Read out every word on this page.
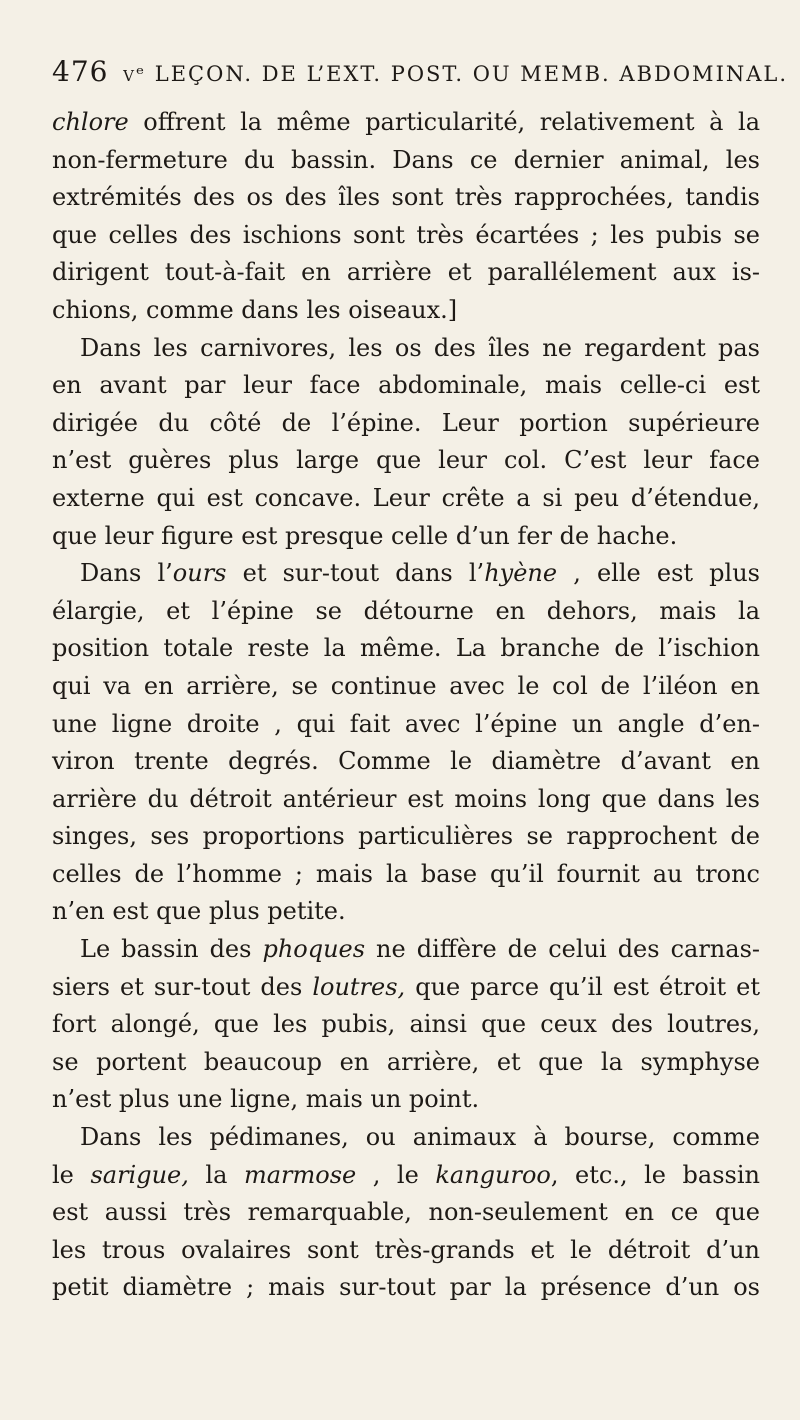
476 vᵉ LEÇON. DE L’EXT. POST. OU MEMB. ABDOMINAL.
chlore offrent la même particularité, relativement à la
non-fermeture du bassin. Dans ce dernier animal, les
extrémités des os des îles sont très rapprochées, tandis
que celles des ischions sont très écartées ; les pubis se
dirigent tout-à-fait en arrière et parallélement aux is-
chions, comme dans les oiseaux.]
Dans les carnivores, les os des îles ne regardent pas
en avant par leur face abdominale, mais celle-ci est
dirigée du côté de l’épine. Leur portion supérieure
n’est guères plus large que leur col. C’est leur face
externe qui est concave. Leur crête a si peu d’étendue,
que leur figure est presque celle d’un fer de hache.
Dans l’ours et sur-tout dans l’hyène , elle est plus
élargie, et l’épine se détourne en dehors, mais la
position totale reste la même. La branche de l’ischion
qui va en arrière, se continue avec le col de l’iléon en
une ligne droite , qui fait avec l’épine un angle d’en-
viron trente degrés. Comme le diamètre d’avant en
arrière du détroit antérieur est moins long que dans les
singes, ses proportions particulières se rapprochent de
celles de l’homme ; mais la base qu’il fournit au tronc
n’en est que plus petite.
Le bassin des phoques ne diffère de celui des carnas-
siers et sur-tout des loutres, que parce qu’il est étroit et
fort alongé, que les pubis, ainsi que ceux des loutres,
se portent beaucoup en arrière, et que la symphyse
n’est plus une ligne, mais un point.
Dans les pédimanes, ou animaux à bourse, comme
le sarigue, la marmose , le kanguroo, etc., le bassin
est aussi très remarquable, non-seulement en ce que
les trous ovalaires sont très-grands et le détroit d’un
petit diamètre ; mais sur-tout par la présence d’un os
